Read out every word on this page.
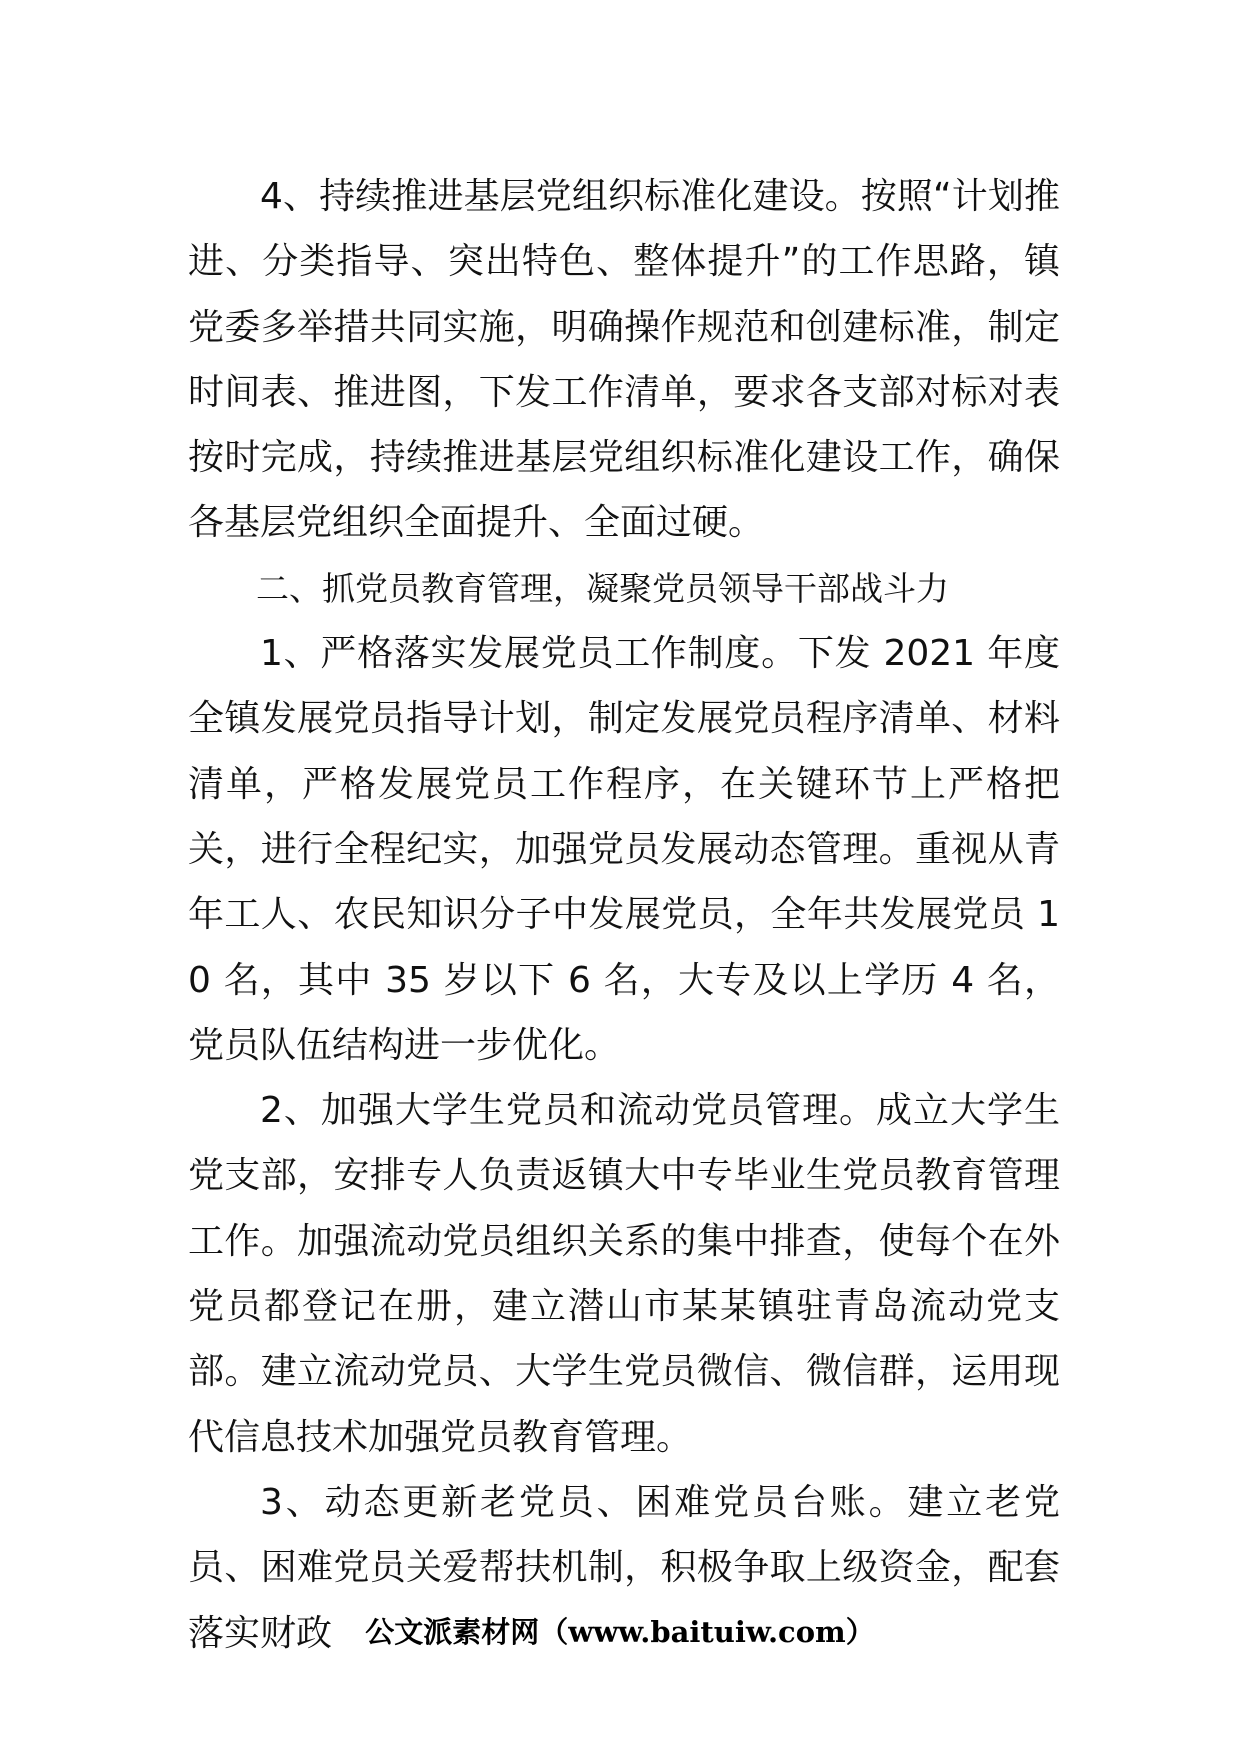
4、持续推进基层党组织标准化建设。按照“计划推进、分类指导、突出特色、整体提升”的工作思路，镇党委多举措共同实施，明确操作规范和创建标准，制定时间表、推进图，下发工作清单，要求各支部对标对表按时完成，持续推进基层党组织标准化建设工作，确保各基层党组织全面提升、全面过硬。

二、抓党员教育管理，凝聚党员领导干部战斗力

1、严格落实发展党员工作制度。下发 2021 年度全镇发展党员指导计划，制定发展党员程序清单、材料清单，严格发展党员工作程序，在关键环节上严格把关，进行全程纪实，加强党员发展动态管理。重视从青年工人、农民知识分子中发展党员，全年共发展党员 10 名，其中 35 岁以下 6 名，大专及以上学历 4 名，党员队伍结构进一步优化。

2、加强大学生党员和流动党员管理。成立大学生党支部，安排专人负责返镇大中专毕业生党员教育管理工作。加强流动党员组织关系的集中排查，使每个在外党员都登记在册，建立潜山市某某镇驻青岛流动党支部。建立流动党员、大学生党员微信、微信群，运用现代信息技术加强党员教育管理。

3、动态更新老党员、困难党员台账。建立老党员、困难党员关爱帮扶机制，积极争取上级资金，配套落实财政	公文派素材网（www.baituiw.com）
